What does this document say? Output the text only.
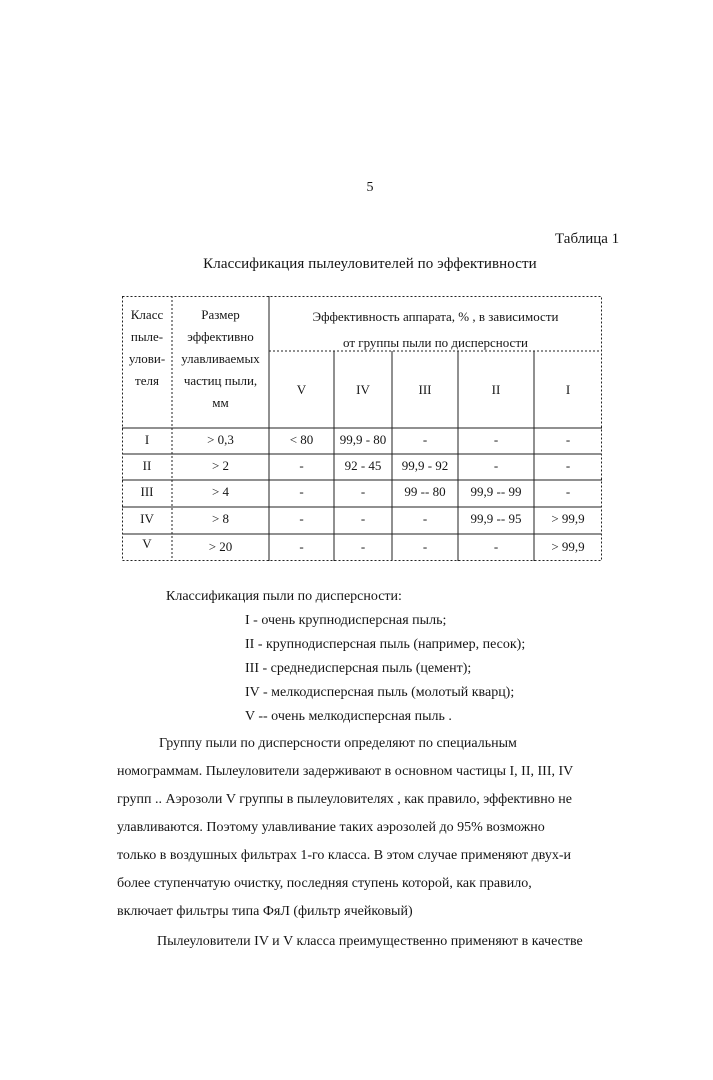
5
Таблица 1
Классификация пылеуловителей по эффективности
Класс
пыле-
улови-
теля
Размер
эффективно
улавливаемых
частиц пыли,
мм
Эффективность аппарата, % , в зависимости
от группы пыли по дисперсности
V	IV	III	II	I
I	> 0,3	< 80	99,9 - 80	-	-	-
II	> 2	-	92 - 45	99,9 - 92	-	-
III	> 4	-	-	99 -- 80	99,9 -- 99	-
IV	> 8	-	-	-	99,9 -- 95	> 99,9
V	> 20	-	-	-	-	> 99,9
Классификация пыли по дисперсности:
I - очень крупнодисперсная пыль;
II - крупнодисперсная пыль (например, песок);
III - среднедисперсная пыль (цемент);
IV - мелкодисперсная пыль (молотый кварц);
V -- очень мелкодисперсная пыль .
Группу пыли по дисперсности определяют по специальным
номограммам. Пылеуловители задерживают в основном частицы I, II, III, IV
групп .. Аэрозоли V группы в пылеуловителях , как правило, эффективно не
улавливаются. Поэтому улавливание таких аэрозолей до 95% возможно
только в воздушных фильтрах 1-го класса. В этом случае применяют двух-и
более ступенчатую очистку, последняя ступень которой, как правило,
включает фильтры типа ФяЛ (фильтр ячейковый)
Пылеуловители IV и V класса преимущественно применяют в качестве
